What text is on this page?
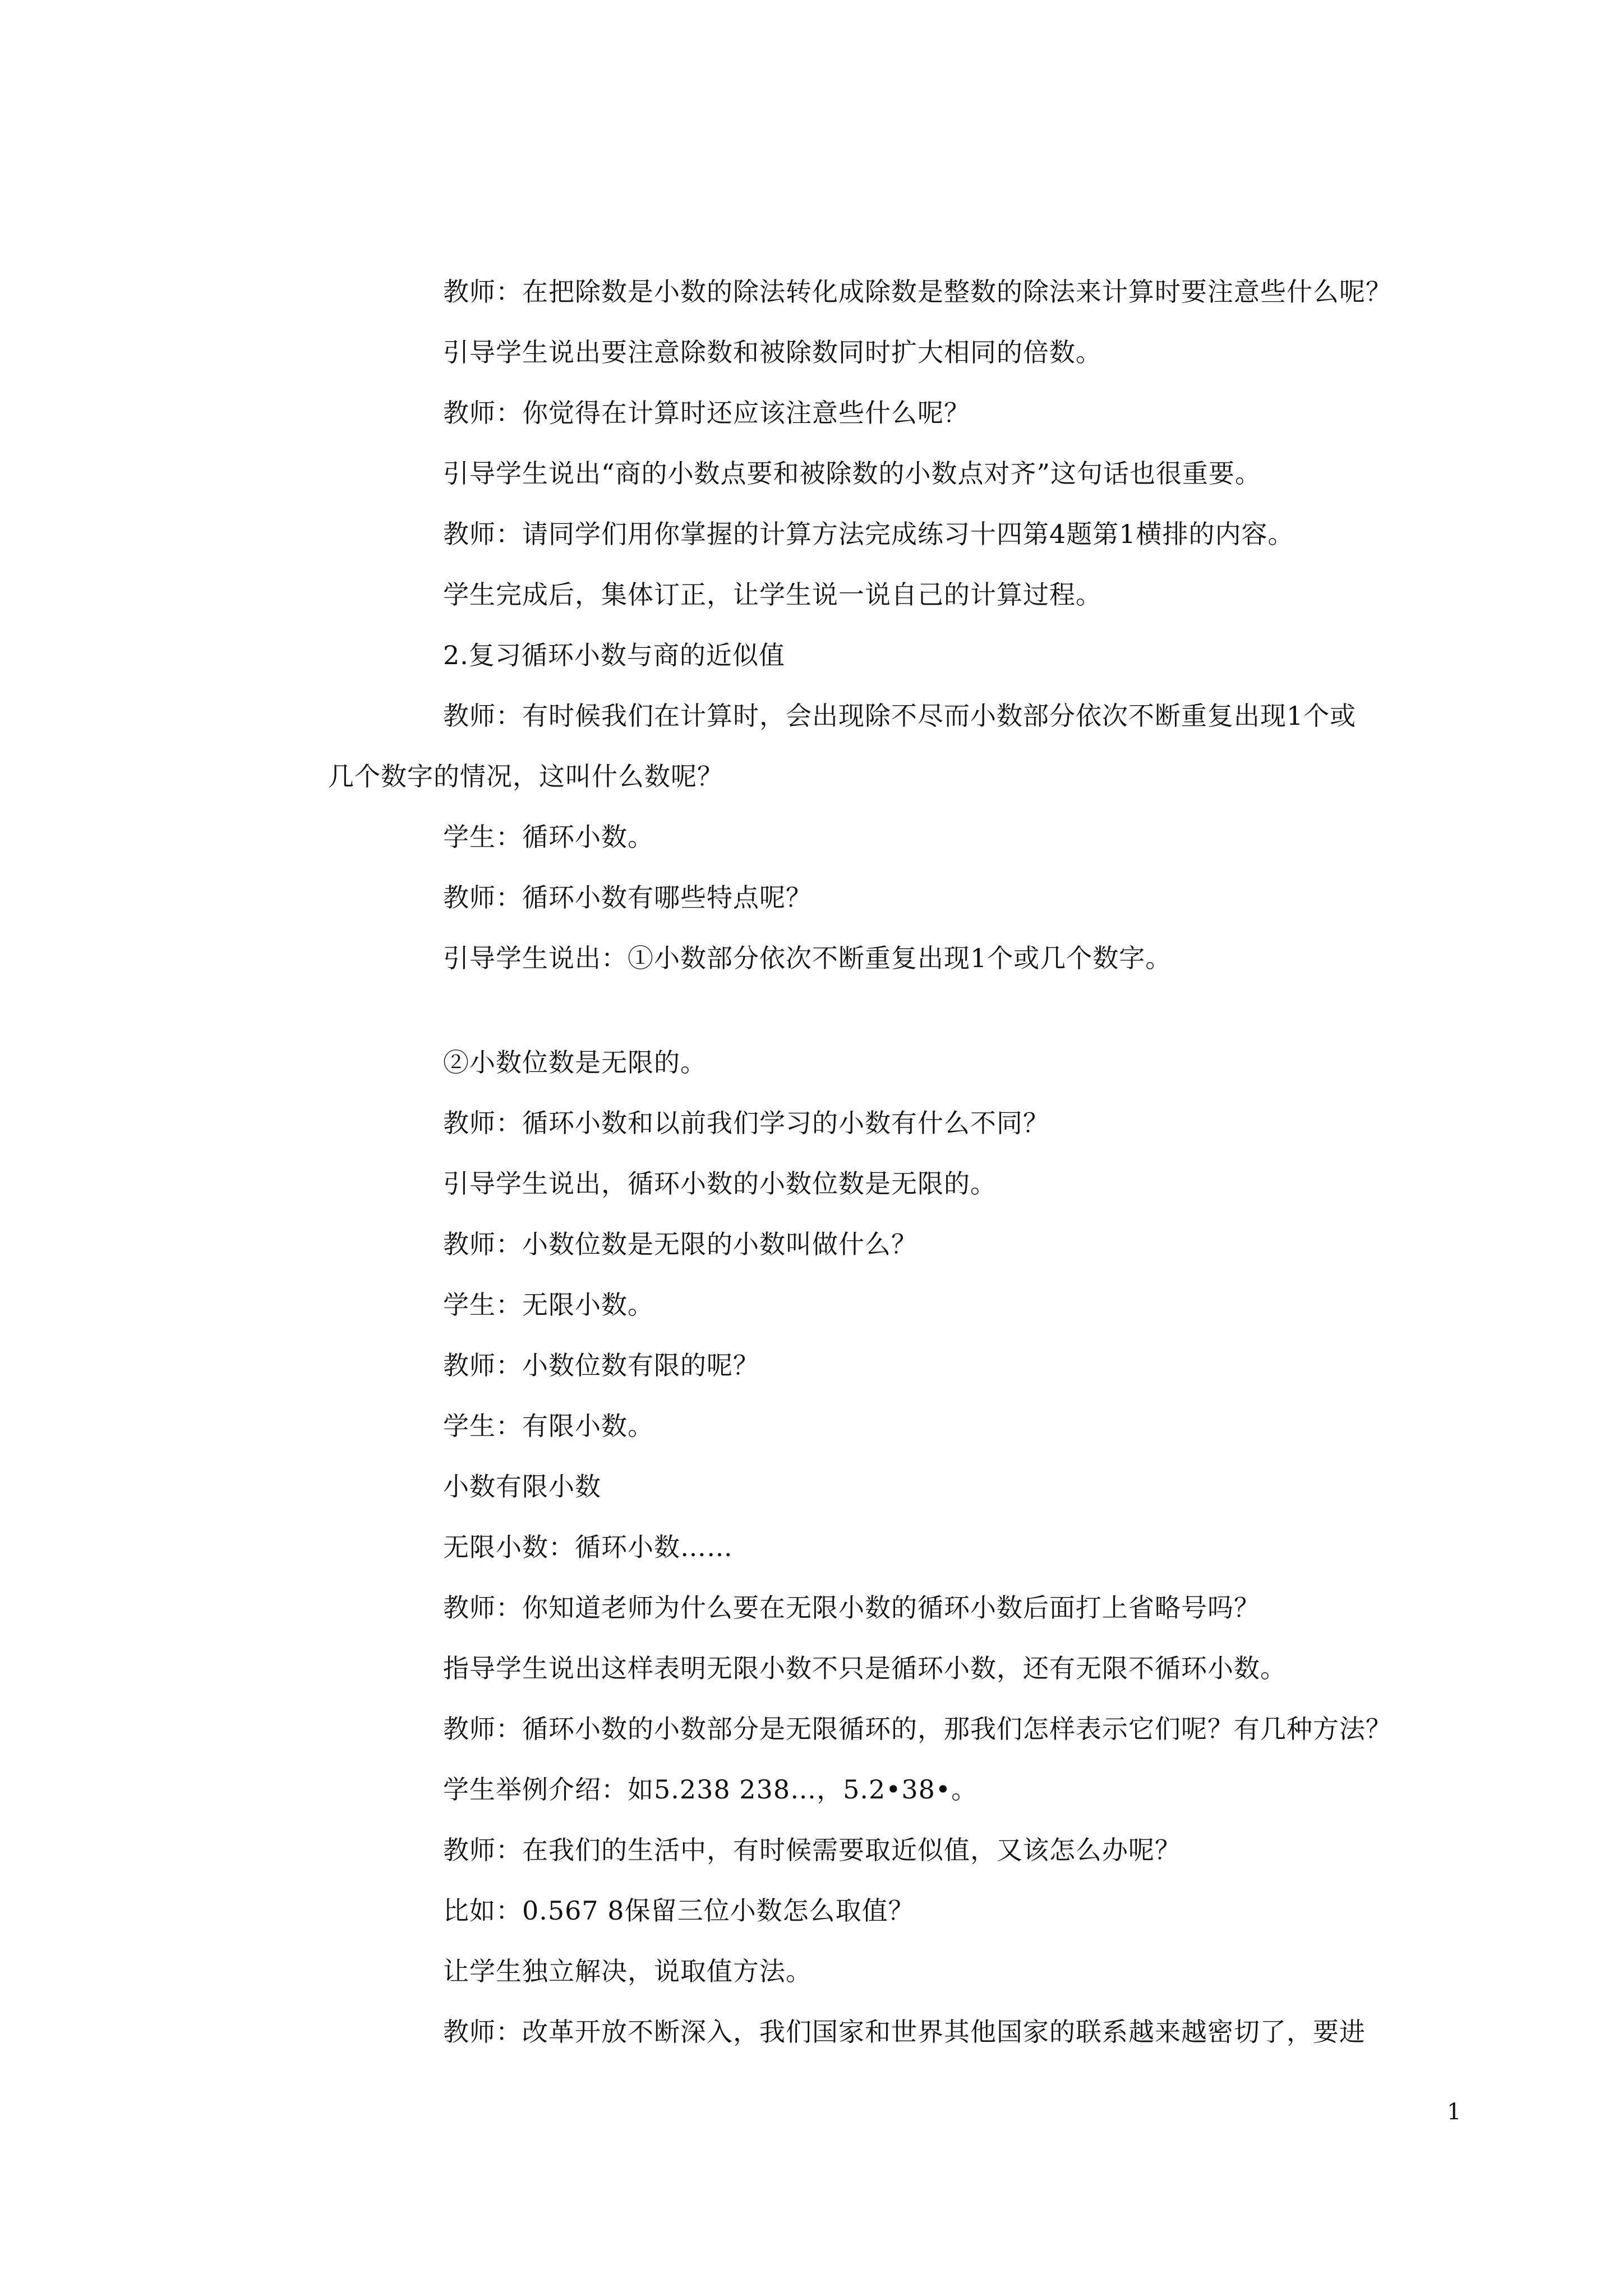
教师：在把除数是小数的除法转化成除数是整数的除法来计算时要注意些什么呢？
引导学生说出要注意除数和被除数同时扩大相同的倍数。
教师：你觉得在计算时还应该注意些什么呢？
引导学生说出“商的小数点要和被除数的小数点对齐”这句话也很重要。
教师：请同学们用你掌握的计算方法完成练习十四第4题第1横排的内容。
学生完成后，集体订正，让学生说一说自己的计算过程。
2.复习循环小数与商的近似值
教师：有时候我们在计算时，会出现除不尽而小数部分依次不断重复出现1个或
几个数字的情况，这叫什么数呢？
学生：循环小数。
教师：循环小数有哪些特点呢？
引导学生说出：①小数部分依次不断重复出现1个或几个数字。
②小数位数是无限的。
教师：循环小数和以前我们学习的小数有什么不同？
引导学生说出，循环小数的小数位数是无限的。
教师：小数位数是无限的小数叫做什么？
学生：无限小数。
教师：小数位数有限的呢？
学生：有限小数。
小数有限小数
无限小数：循环小数……
教师：你知道老师为什么要在无限小数的循环小数后面打上省略号吗？
指导学生说出这样表明无限小数不只是循环小数，还有无限不循环小数。
教师：循环小数的小数部分是无限循环的，那我们怎样表示它们呢？有几种方法？
学生举例介绍：如5.238 238…，5.2•38•。
教师：在我们的生活中，有时候需要取近似值，又该怎么办呢？
比如：0.567 8保留三位小数怎么取值？
让学生独立解决，说取值方法。
教师：改革开放不断深入，我们国家和世界其他国家的联系越来越密切了，要进
1
